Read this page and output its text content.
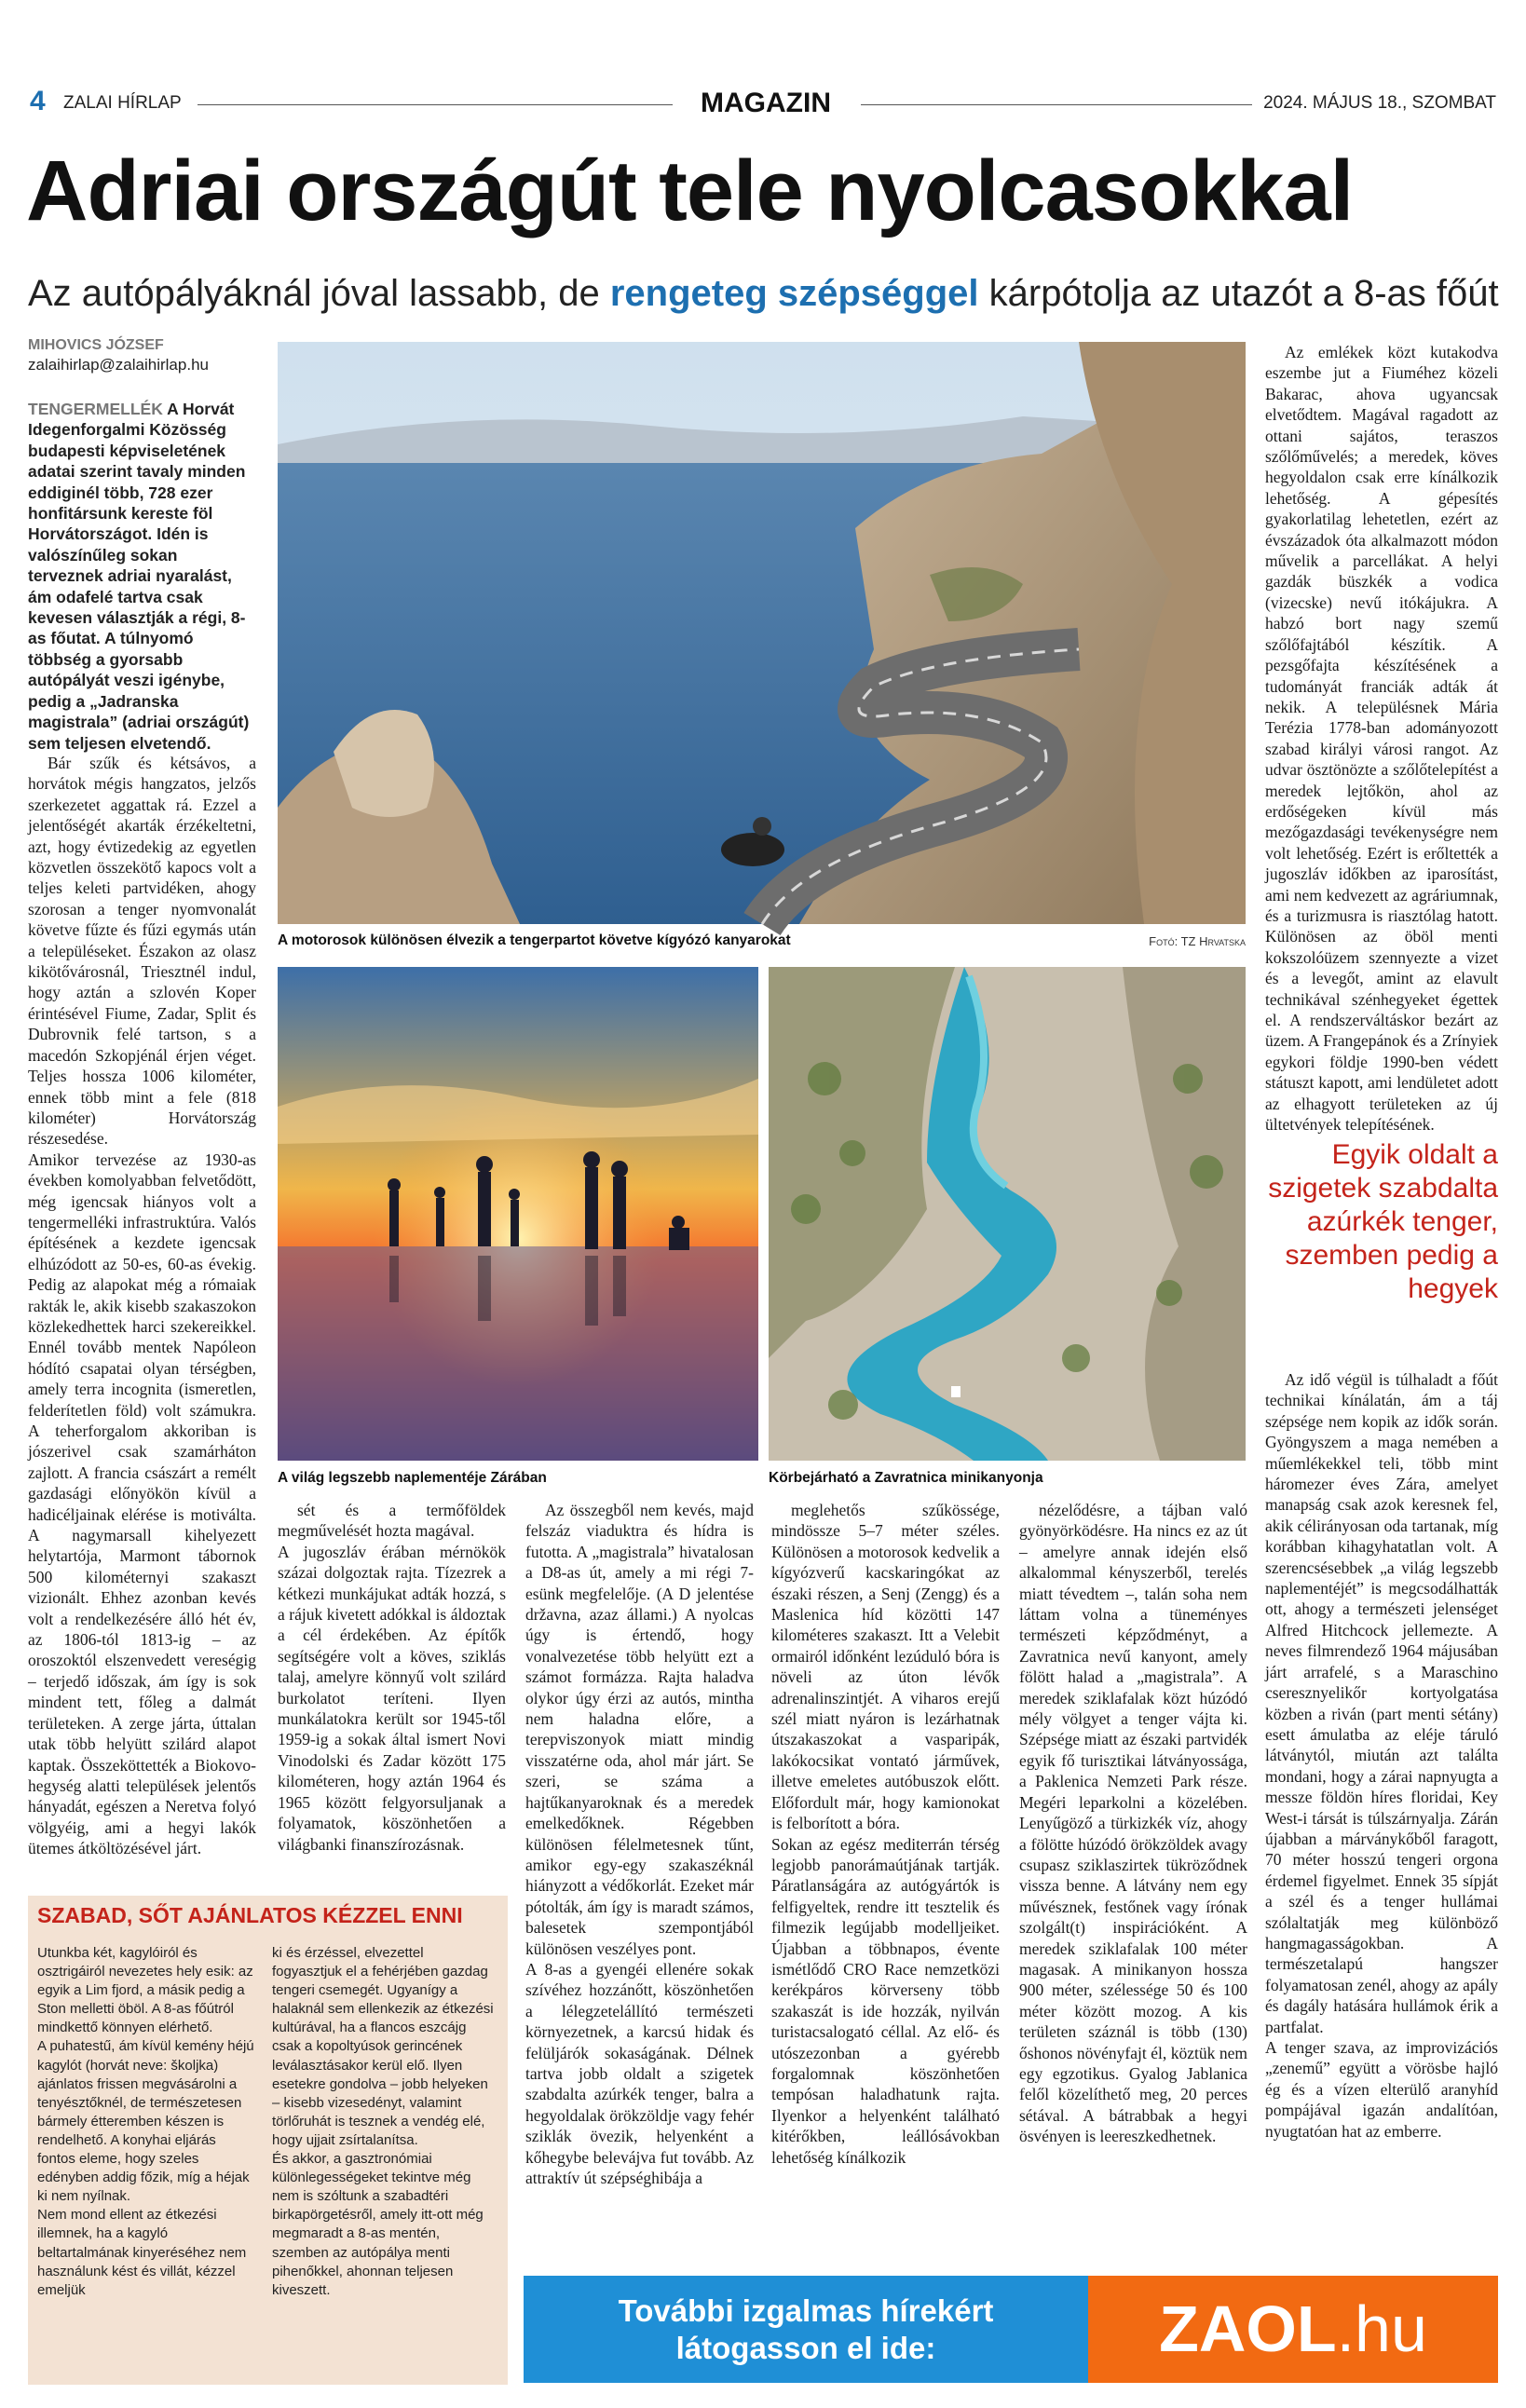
4 ZALAI HÍRLAP	MAGAZIN	2024. MÁJUS 18., SZOMBAT
Adriai országút tele nyolcasokkal
Az autópályáknál jóval lassabb, de rengeteg szépséggel kárpótolja az utazót a 8-as főút
MIHOVICS JÓZSEF
zalaihirlap@zalaihirlap.hu
TENGERMELLÉK A Horvát Idegenforgalmi Közösség budapesti képviseletének adatai szerint tavaly minden eddiginél több, 728 ezer honfitársunk kereste föl Horvátországot. Idén is valószínűleg sokan terveznek adriai nyaralást, ám odafelé tartva csak kevesen választják a régi, 8-as főutat. A túlnyomó többség a gyorsabb autópályát veszi igénybe, pedig a „Jadranska magistrala” (adriai országút) sem teljesen elvetendő.

Bár szűk és kétsávos, a horvátok mégis hangzatos, jelzős szerkezetet aggattak rá. Ezzel a jelentőségét akarták érzékeltetni, azt, hogy évtizedekig az egyetlen közvetlen összekötő kapocs volt a teljes keleti partvidéken, ahogy szorosan a tenger nyomvonalát követve fűzte és fűzi egymás után a településeket. Északon az olasz kikötővárosnál, Triesztnél indul, hogy aztán a szlovén Koper érintésével Fiume, Zadar, Split és Dubrovnik felé tartson, s a macedón Szkopjénál érjen véget. Teljes hossza 1006 kilométer, ennek több mint a fele (818 kilométer) Horvátország részesedése.
Amikor tervezése az 1930-as években komolyabban felvetődött, még igencsak hiányos volt a tengermelléki infrastruktúra. Valós építésének a kezdete igencsak elhúzódott az 50-es, 60-as évekig. Pedig az alapokat még a rómaiak rakták le, akik kisebb szakaszokon közlekedhettek harci szekereikkel. Ennél tovább mentek Napóleon hódító csapatai olyan térségben, amely terra incognita (ismeretlen, felderítetlen föld) volt számukra. A teherforgalom akkoriban is jószerivel csak szamárháton zajlott. A francia császárt a remélt gazdasági előnyökön kívül a hadicéljainak elérése is motiválta. A nagymarsall kihelyezett helytartója, Marmont tábornok 500 kilométernyi szakaszt vizionált. Ehhez azonban kevés volt a rendelkezésére álló hét év, az 1806-tól 1813-ig – az oroszoktól elszenvedett vereségig – terjedő időszak, ám így is sok mindent tett, főleg a dalmát területeken. A zerge járta, úttalan utak több helyütt szilárd alapot kaptak. Összeköttették a Biokovo-hegység alatti települések jelentős hányadát, egészen a Neretva folyó völgyéig, ami a hegyi lakók ütemes átköltözésével járt.

A motorosok különösen élvezik a tengerpartot követve kígyózó kanyarokat	Fotó: TZ Hrvatska
A világ legszebb naplementéje Zárában	Körbejárható a Zavratnica minikanyonja

sét és a termőföldek megművelését hozta magával.
A jugoszláv érában mérnökök százai dolgoztak rajta. Tízezrek a kétkezi munkájukat adták hozzá, s a rájuk kivetett adókkal is áldoztak a cél érdekében. Az építők segítségére volt a köves, sziklás talaj, amelyre könnyű volt szilárd burkolatot teríteni. Ilyen munkálatokra került sor 1945-től 1959-ig a sokak által ismert Novi Vinodolski és Zadar között 175 kilométeren, hogy aztán 1964 és 1965 között felgyorsuljanak a folyamatok, köszönhetően a világbanki finanszírozásnak.

Az összegből nem kevés, majd felszáz viaduktra és hídra is futotta. A „magistrala” hivatalosan a D8-as út, amely a mi régi 7-esünk megfelelője. (A D jelentése državna, azaz állami.) A nyolcas úgy is értendő, hogy vonalvezetése több helyütt ezt a számot formázza. Rajta haladva olykor úgy érzi az autós, mintha nem haladna előre, a terepviszonyok miatt mindig visszatérne oda, ahol már járt. Se szeri, se száma a hajtűkanyaroknak és a meredek emelkedőknek. Régebben különösen félelmetesnek tűnt, amikor egy-egy szakaszéknál hiányzott a védőkorlát. Ezeket már pótolták, ám így is maradt számos, balesetek szempontjából különösen veszélyes pont.
A 8-as a gyengéi ellenére sokak szívéhez hozzánőtt, köszönhetően a lélegzetelállító természeti környezetnek, a karcsú hidak és felüljárók sokaságának. Délnek tartva jobb oldalt a szigetek szabdalta azúrkék tenger, balra a hegyoldalak örökzöldje vagy fehér sziklák övezik, helyenként a kőhegybe belevájva fut tovább. Az attraktív út szépséghibája a

meglehetős szűkössége, mindössze 5–7 méter széles. Különösen a motorosok kedvelik a kígyózverű kacskaringókat az északi részen, a Senj (Zengg) és a Maslenica híd közötti 147 kilométeres szakaszt. Itt a Velebit ormairól időnként lezúduló bóra is növeli az úton lévők adrenalinszintjét. A viharos erejű szél miatt nyáron is lezárhatnak útszakaszokat a vasparipák, lakókocsikat vontató járművek, illetve emeletes autóbuszok előtt. Előfordult már, hogy kamionokat is felborított a bóra.
Sokan az egész mediterrán térség legjobb panorámaútjának tartják. Páratlanságára az autógyártók is felfigyeltek, rendre itt tesztelik és filmezik legújabb modelljeiket. Újabban a többnapos, évente ismétlődő CRO Race nemzetközi kerékpáros körverseny több szakaszát is ide hozzák, nyilván turistacsalogató céllal. Az elő- és utószezonban a gyérebb forgalomnak köszönhetően tempósan haladhatunk rajta. Ilyenkor a helyenként található kitérőkben, leállósávokban lehetőség kínálkozik

nézelődésre, a tájban való gyönyörködésre. Ha nincs ez az út – amelyre annak idején első alkalommal kényszerből, terelés miatt tévedtem –, talán soha nem láttam volna a tüneményes természeti képződményt, a Zavratnica nevű kanyont, amely fölött halad a „magistrala”. A meredek sziklafalak közt húzódó mély völgyet a tenger vájta ki. Szépsége miatt az északi partvidék egyik fő turisztikai látványossága, a Paklenica Nemzeti Park része. Megéri leparkolni a közelében. Lenyűgöző a türkizkék víz, ahogy a fölötte húzódó örökzöldek avagy csupasz sziklaszirtek tükröződnek vissza benne. A látvány nem egy művésznek, festőnek vagy írónak szolgált(t) inspirációként. A meredek sziklafalak 100 méter magasak. A minikanyon hossza 900 méter, szélessége 50 és 100 méter között mozog. A kis területen száznál is több (130) őshonos növényfajt él, köztük nem egy egzotikus. Gyalog Jablanica felől közelíthető meg, 20 perces sétával. A bátrabbak a hegyi ösvényen is leereszkedhetnek.

Az emlékek közt kutakodva eszembe jut a Fiuméhez közeli Bakarac, ahova ugyancsak elvetődtem. Magával ragadott az ottani sajátos, teraszos szőlőművelés; a meredek, köves hegyoldalon csak erre kínálkozik lehetőség. A gépesítés gyakorlatilag lehetetlen, ezért az évszázadok óta alkalmazott módon művelik a parcellákat. A helyi gazdák büszkék a vodica (vizecske) nevű itókájukra. A habzó bort nagy szemű szőlőfajtából készítik. A pezsgőfajta készítésének a tudományát franciák adták át nekik. A településnek Mária Terézia 1778-ban adományozott szabad királyi városi rangot. Az udvar ösztönözte a szőlőtelepítést a meredek lejtőkön, ahol az erdőségeken kívül más mezőgazdasági tevékenységre nem volt lehetőség. Ezért is erőltették a jugoszláv időkben az iparosítást, ami nem kedvezett az agráriumnak, és a turizmusra is riasztólag hatott. Különösen az öböl menti kokszolóüzem szennyezte a vizet és a levegőt, amint az elavult technikával szénhegyeket égettek el. A rendszerváltáskor bezárt az üzem. A Frangepánok és a Zrínyiek egykori földje 1990-ben védett státuszt kapott, ami lendületet adott az elhagyott területeken az új ültetvények telepítésének.

Egyik oldalt a szigetek szabdalta azúrkék tenger, szemben pedig a hegyek

Az idő végül is túlhaladt a főút technikai kínálatán, ám a táj szépsége nem kopik az idők során. Gyöngyszem a maga nemében a műemlékekkel teli, több mint háromezer éves Zára, amelyet manapság csak azok keresnek fel, akik célirányosan oda tartanak, míg korábban kihagyhatatlan volt. A szerencsésebbek „a világ legszebb naplementéjét” is megcsodálhatták ott, ahogy a természeti jelenséget Alfred Hitchcock jellemezte. A neves filmrendező 1964 májusában járt arrafelé, s a Maraschino cseresznyelikőr kortyolgatása közben a riván (part menti sétány) esett ámulatba az eléje táruló látványtól, miután azt találta mondani, hogy a zárai napnyugta a messze földön híres floridai, Key West-i társát is túlszárnyalja. Zárán újabban a márványkőből faragott, 70 méter hosszú tengeri orgona érdemel figyelmet. Ennek 35 sípját a szél és a tenger hullámai szólaltatják meg különböző hangmagasságokban. A természetalapú hangszer folyamatosan zenél, ahogy az apály és dagály hatására hullámok érik a partfalat.
A tenger szava, az improvizációs „zenemű” együtt a vörösbe hajló ég és a vízen elterülő aranyhíd pompájával igazán andalítóan, nyugtatóan hat az emberre.

SZABAD, SŐT AJÁNLATOS KÉZZEL ENNI
Utunkba két, kagylóiról és osztrigáiról nevezetes hely esik: az egyik a Lim fjord, a másik pedig a Ston melletti öböl. A 8-as főútról mindkettő könnyen elérhető.
A puhatestű, ám kívül kemény héjú kagylót (horvát neve: školjka) ajánlatos frissen megvásárolni a tenyésztőknél, de természetesen bármely étteremben készen is rendelhető. A konyhai eljárás fontos eleme, hogy szeles edényben addig főzik, míg a héjak ki nem nyílnak.
Nem mond ellent az étkezési illemnek, ha a kagyló beltartalmának kinyeréséhez nem használunk kést és villát, kézzel emeljük
ki és érzéssel, elvezettel fogyasztjuk el a fehérjében gazdag tengeri csemegét. Ugyanígy a halaknál sem ellenkezik az étkezési kultúrával, ha a flancos eszcájg csak a kopoltyúsok gerincének leválasztásakor kerül elő. Ilyen esetekre gondolva – jobb helyeken – kisebb vizesedényt, valamint törlőruhát is tesznek a vendég elé, hogy ujjait zsírtalanítsa.
És akkor, a gasztronómiai különlegességeket tekintve még nem is szóltunk a szabadtéri birkapörgetésről, amely itt-ott még megmaradt a 8-as mentén, szemben az autópálya menti pihenőkkel, ahonnan teljesen kiveszett.
További izgalmas hírekért
látogasson el ide:	ZAOL.hu
